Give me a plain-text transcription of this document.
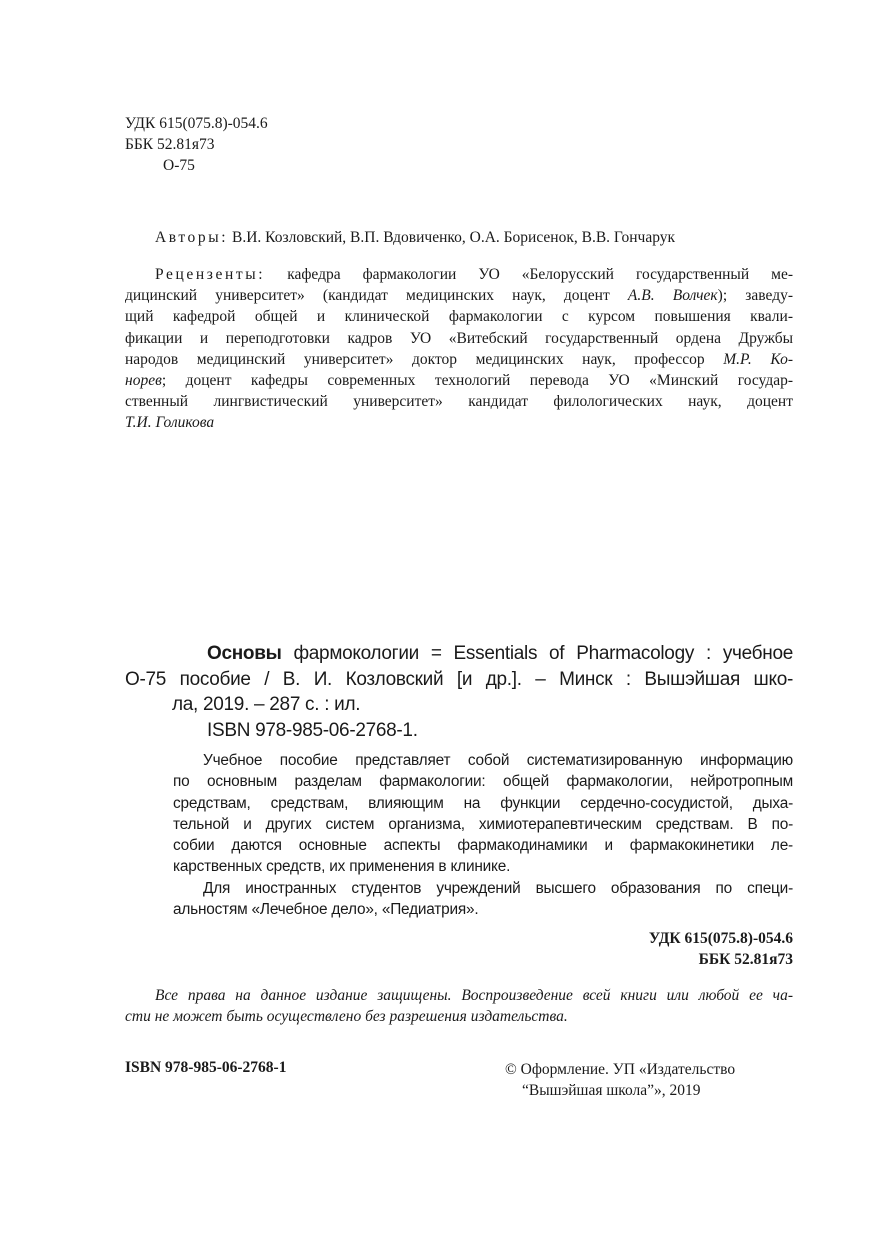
УДК 615(075.8)-054.6
ББК 52.81я73
О-75
Авторы: В.И. Козловский, В.П. Вдовиченко, О.А. Борисенок, В.В. Гончарук
Рецензенты: кафедра фармакологии УО «Белорусский государственный ме-
дицинский университет» (кандидат медицинских наук, доцент А.В. Волчек); заведу-
щий кафедрой общей и клинической фармакологии с курсом повышения квали-
фикации и переподготовки кадров УО «Витебский государственный ордена Дружбы
народов медицинский университет» доктор медицинских наук, профессор М.Р. Ко-
норев; доцент кафедры современных технологий перевода УО «Минский государ-
ственный лингвистический университет» кандидат филологических наук, доцент
Т.И. Голикова
Основы фармокологии = Essentials of Pharmacology : учебное
О-75 пособие / В. И. Козловский [и др.]. – Минск : Вышэйшая шко-
ла, 2019. – 287 с. : ил.
ISBN 978-985-06-2768-1.
Учебное пособие представляет собой систематизированную информацию
по основным разделам фармакологии: общей фармакологии, нейротропным
средствам, средствам, влияющим на функции сердечно-сосудистой, дыха-
тельной и других систем организма, химиотерапевтическим средствам. В по-
собии даются основные аспекты фармакодинамики и фармакокинетики ле-
карственных средств, их применения в клинике.
Для иностранных студентов учреждений высшего образования по специ-
альностям «Лечебное дело», «Педиатрия».
УДК 615(075.8)-054.6
ББК 52.81я73
Все права на данное издание защищены. Воспроизведение всей книги или любой ее ча-
сти не может быть осуществлено без разрешения издательства.
ISBN 978-985-06-2768-1	© Оформление. УП «Издательство
“Вышэйшая школа”», 2019
